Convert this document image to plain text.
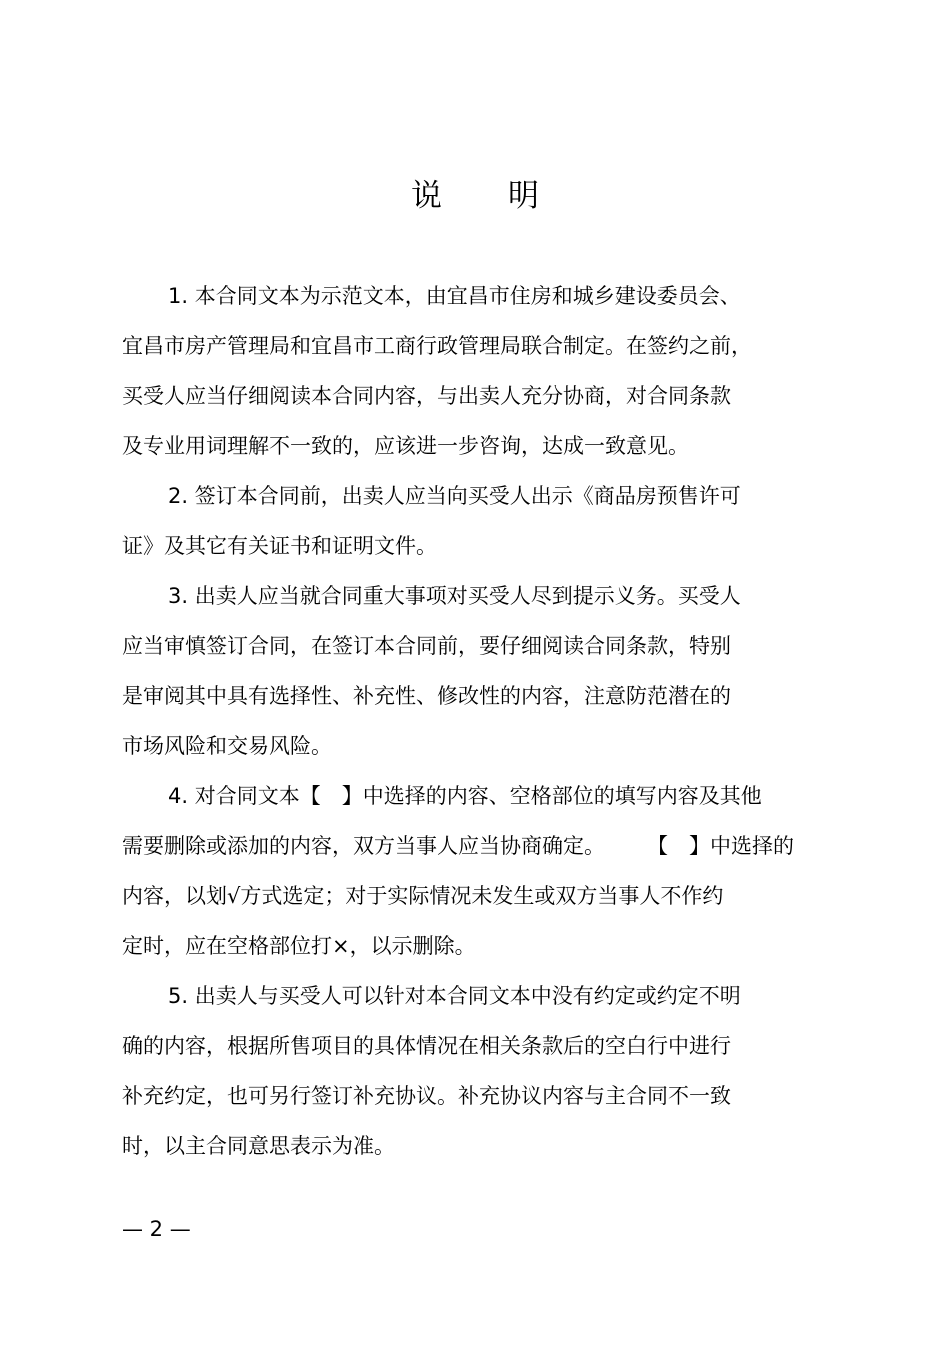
说 明
1. 本合同文本为示范文本，由宜昌市住房和城乡建设委员会、
宜昌市房产管理局和宜昌市工商行政管理局联合制定。在签约之前，
买受人应当仔细阅读本合同内容，与出卖人充分协商，对合同条款
及专业用词理解不一致的，应该进一步咨询，达成一致意见。
2. 签订本合同前，出卖人应当向买受人出示《商品房预售许可
证》及其它有关证书和证明文件。
3. 出卖人应当就合同重大事项对买受人尽到提示义务。买受人
应当审慎签订合同，在签订本合同前，要仔细阅读合同条款，特别
是审阅其中具有选择性、补充性、修改性的内容，注意防范潜在的
市场风险和交易风险。
4. 对合同文本【　】中选择的内容、空格部位的填写内容及其他
需要删除或添加的内容，双方当事人应当协商确定。　　　【　】中选择的
内容，以划√方式选定；对于实际情况未发生或双方当事人不作约
定时，应在空格部位打×，以示删除。
5. 出卖人与买受人可以针对本合同文本中没有约定或约定不明
确的内容，根据所售项目的具体情况在相关条款后的空白行中进行
补充约定，也可另行签订补充协议。补充协议内容与主合同不一致
时，以主合同意思表示为准。
— 2 —
